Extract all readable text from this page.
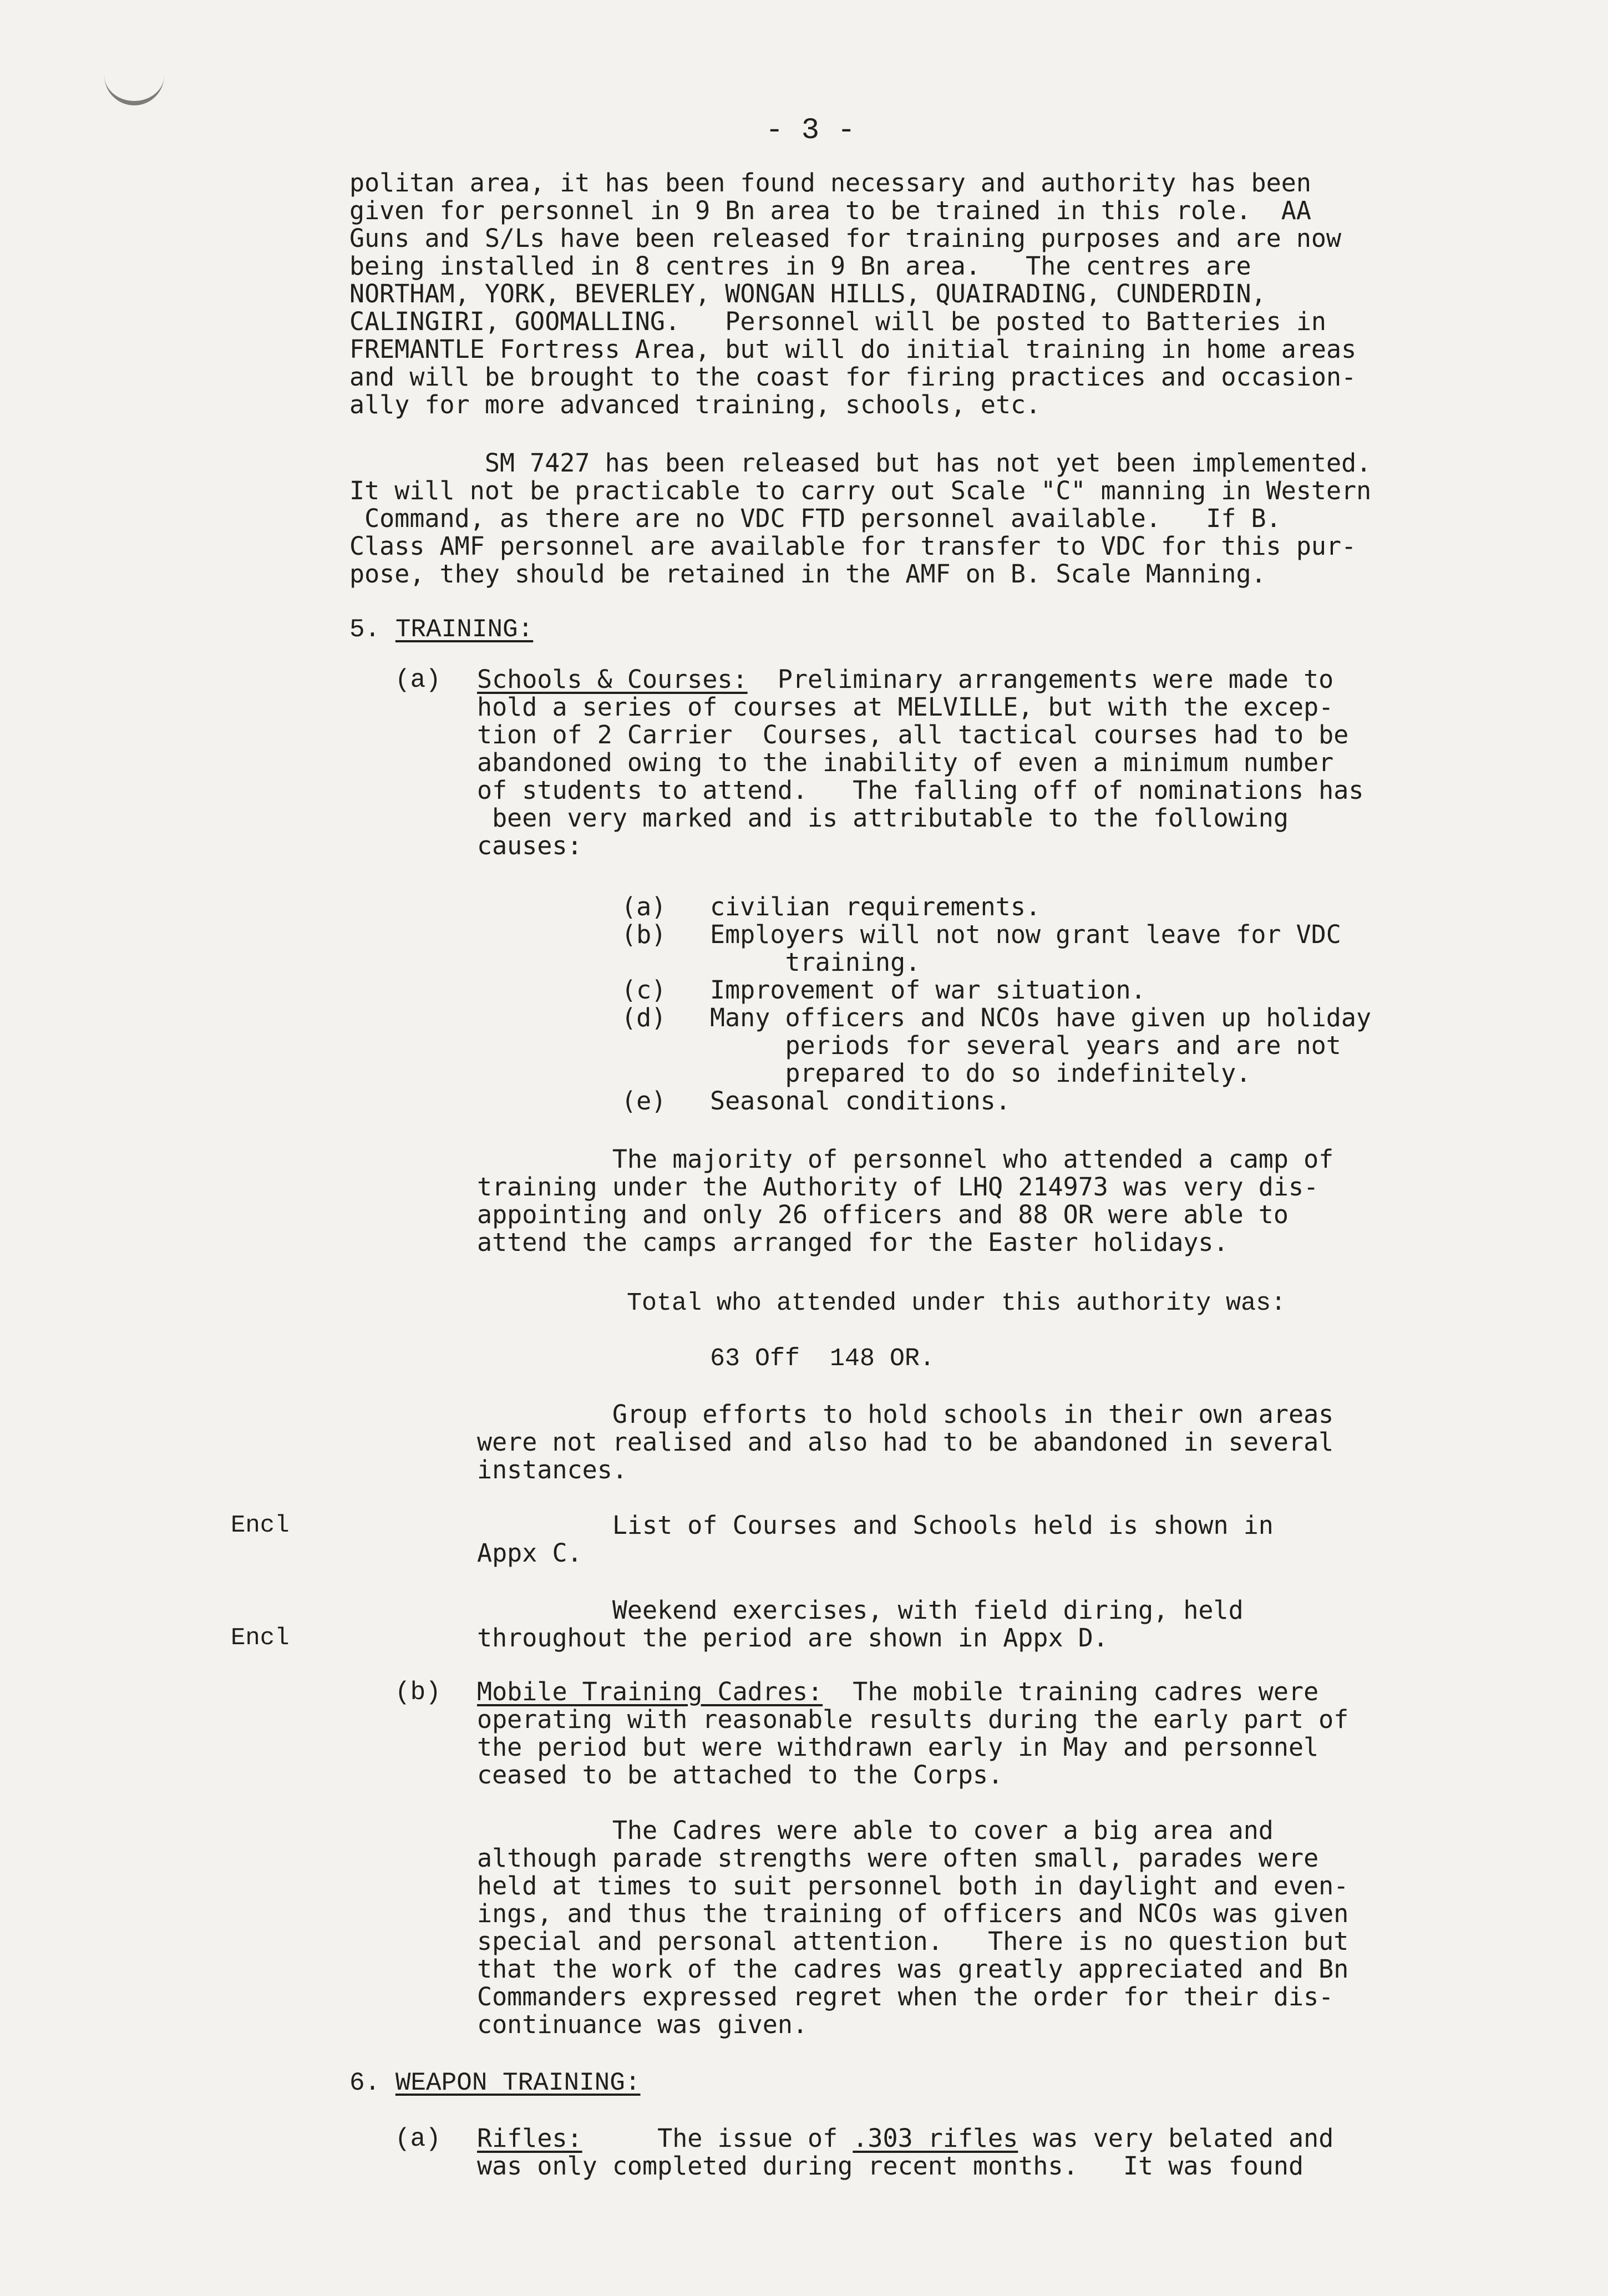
- 3 -
politan area, it has been found necessary and authority has been
given for personnel in 9 Bn area to be trained in this role.  AA
Guns and S/Ls have been released for training purposes and are now
being installed in 8 centres in 9 Bn area.   The centres are
NORTHAM, YORK, BEVERLEY, WONGAN HILLS, QUAIRADING, CUNDERDIN,
CALINGIRI, GOOMALLING.   Personnel will be posted to Batteries in
FREMANTLE Fortress Area, but will do initial training in home areas
and will be brought to the coast for firing practices and occasion-
ally for more advanced training, schools, etc.
SM 7427 has been released but has not yet been implemented.
It will not be practicable to carry out Scale "C" manning in Western
Command, as there are no VDC FTD personnel available.   If B.
Class AMF personnel are available for transfer to VDC for this pur-
pose, they should be retained in the AMF on B. Scale Manning.
5. TRAINING:
(a) Schools & Courses:  Preliminary arrangements were made to
hold a series of courses at MELVILLE, but with the excep-
tion of 2 Carrier  Courses, all tactical courses had to be
abandoned owing to the inability of even a minimum number
of students to attend.   The falling off of nominations has
been very marked and is attributable to the following
causes:
(a)
(b)

(c)
(d)

(e)
civilian requirements.
Employers will not now grant leave for VDC
training.
Improvement of war situation.
Many officers and NCOs have given up holiday
periods for several years and are not
prepared to do so indefinitely.
Seasonal conditions.
The majority of personnel who attended a camp of
training under the Authority of LHQ 214973 was very dis-
appointing and only 26 officers and 88 OR were able to
attend the camps arranged for the Easter holidays.
Total who attended under this authority was:
63 Off  148 OR.
Group efforts to hold schools in their own areas
were not realised and also had to be abandoned in several
instances.
Encl	List of Courses and Schools held is shown in
Appx C.
Encl
Weekend exercises, with field diring, held
throughout the period are shown in Appx D.
(b) Mobile Training Cadres:  The mobile training cadres were
operating with reasonable results during the early part of
the period but were withdrawn early in May and personnel
ceased to be attached to the Corps.
The Cadres were able to cover a big area and
although parade strengths were often small, parades were
held at times to suit personnel both in daylight and even-
ings, and thus the training of officers and NCOs was given
special and personal attention.   There is no question but
that the work of the cadres was greatly appreciated and Bn
Commanders expressed regret when the order for their dis-
continuance was given.
6. WEAPON TRAINING:
(a) Rifles:     The issue of .303 rifles was very belated and
was only completed during recent months.   It was found
